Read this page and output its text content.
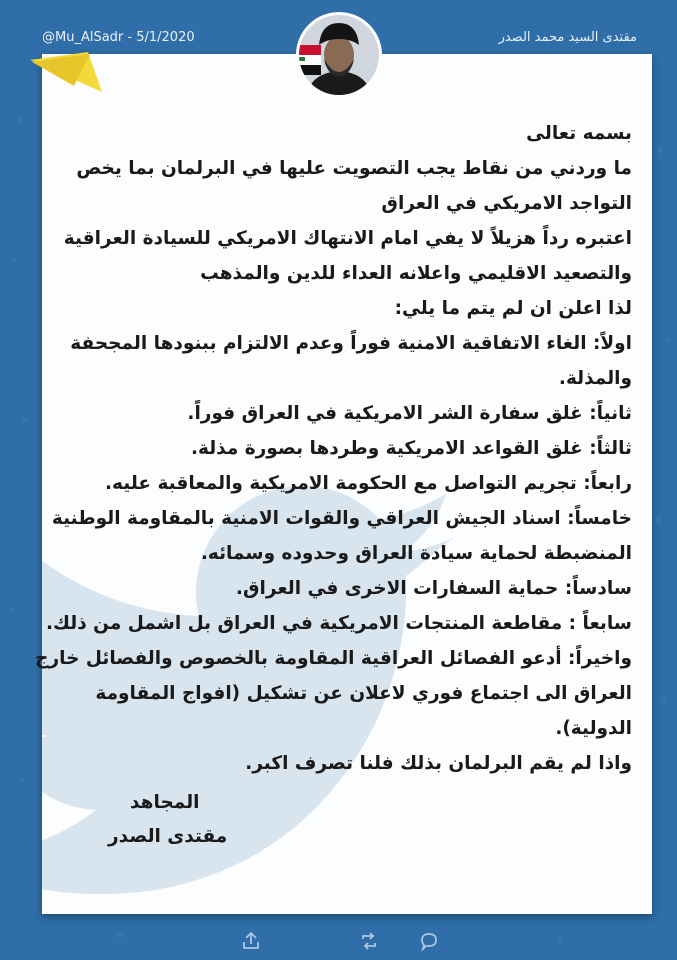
@Mu_AlSadr - 5/1/2020	مقتدى السيد محمد الصدر
بسمه تعالى
ما وردني من نقاط يجب التصويت عليها في البرلمان بما يخص
التواجد الامريكي في العراق
اعتبره رداً هزيلاً لا يفي امام الانتهاك الامريكي للسيادة العراقية
والتصعيد الاقليمي واعلانه العداء للدين والمذهب
لذا اعلن ان لم يتم ما يلي:
اولاً: الغاء الاتفاقية الامنية فوراً وعدم الالتزام ببنودها المجحفة
والمذلة.
ثانياً: غلق سفارة الشر الامريكية في العراق فوراً.
ثالثاً: غلق القواعد الامريكية وطردها بصورة مذلة.
رابعاً: تجريم التواصل مع الحكومة الامريكية والمعاقبة عليه.
خامساً: اسناد الجيش العراقي والقوات الامنية بالمقاومة الوطنية
المنضبطة لحماية سيادة العراق وحدوده وسمائه.
سادساً: حماية السفارات الاخرى في العراق.
سابعاً : مقاطعة المنتجات الامريكية في العراق بل اشمل من ذلك.
واخيراً: أدعو الفصائل العراقية المقاومة بالخصوص والفصائل خارج
العراق الى اجتماع فوري لاعلان عن تشكيل (افواج المقاومة
الدولية).
واذا لم يقم البرلمان بذلك فلنا تصرف اكبر.
المجاهد
مقتدى الصدر
